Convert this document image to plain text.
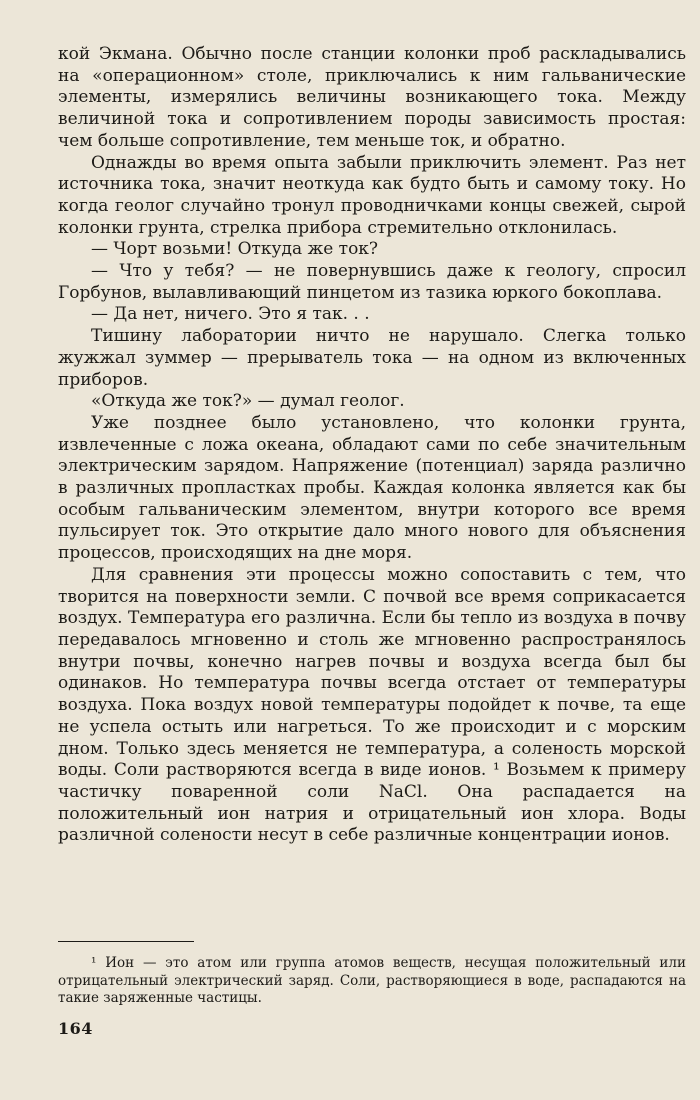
кой Экмана. Обычно после станции колонки проб раскладывались на «операционном» столе, приключались к ним гальванические элементы, измерялись величины возникающего тока. Между величиной тока и сопротивлением породы зависимость простая: чем больше сопротивление, тем меньше ток, и обратно.

Однажды во время опыта забыли приключить элемент. Раз нет источника тока, значит неоткуда как будто быть и самому току. Но когда геолог случайно тронул проводничками концы свежей, сырой колонки грунта, стрелка прибора стремительно отклонилась.

— Чорт возьми! Откуда же ток?

— Что у тебя? — не повернувшись даже к геологу, спросил Горбунов, вылавливающий пинцетом из тазика юркого бокоплава.

— Да нет, ничего. Это я так. . .

Тишину лаборатории ничто не нарушало. Слегка только жужжал зуммер — прерыватель тока — на одном из включенных приборов.

«Откуда же ток?» — думал геолог.

Уже позднее было установлено, что колонки грунта, извлеченные с ложа океана, обладают сами по себе значительным электрическим зарядом. Напряжение (потенциал) заряда различно в различных пропластках пробы. Каждая колонка является как бы особым гальваническим элементом, внутри которого все время пульсирует ток. Это открытие дало много нового для объяснения процессов, происходящих на дне моря.

Для сравнения эти процессы можно сопоставить с тем, что творится на поверхности земли. С почвой все время соприкасается воздух. Температура его различна. Если бы тепло из воздуха в почву передавалось мгновенно и столь же мгновенно распространялось внутри почвы, конечно нагрев почвы и воздуха всегда был бы одинаков. Но температура почвы всегда отстает от температуры воздуха. Пока воздух новой температуры подойдет к почве, та еще не успела остыть или нагреться. То же происходит и с морским дном. Только здесь меняется не температура, а соленость морской воды. Соли растворяются всегда в виде ионов. ¹ Возьмем к примеру частичку поваренной соли NaCl. Она распадается на положительный ион натрия и отрицательный ион хлора. Воды различной солености несут в себе различные концентрации ионов.

¹ Ион — это атом или группа атомов веществ, несущая положительный или отрицательный электрический заряд. Соли, растворяющиеся в воде, распадаются на такие заряженные частицы.

164
